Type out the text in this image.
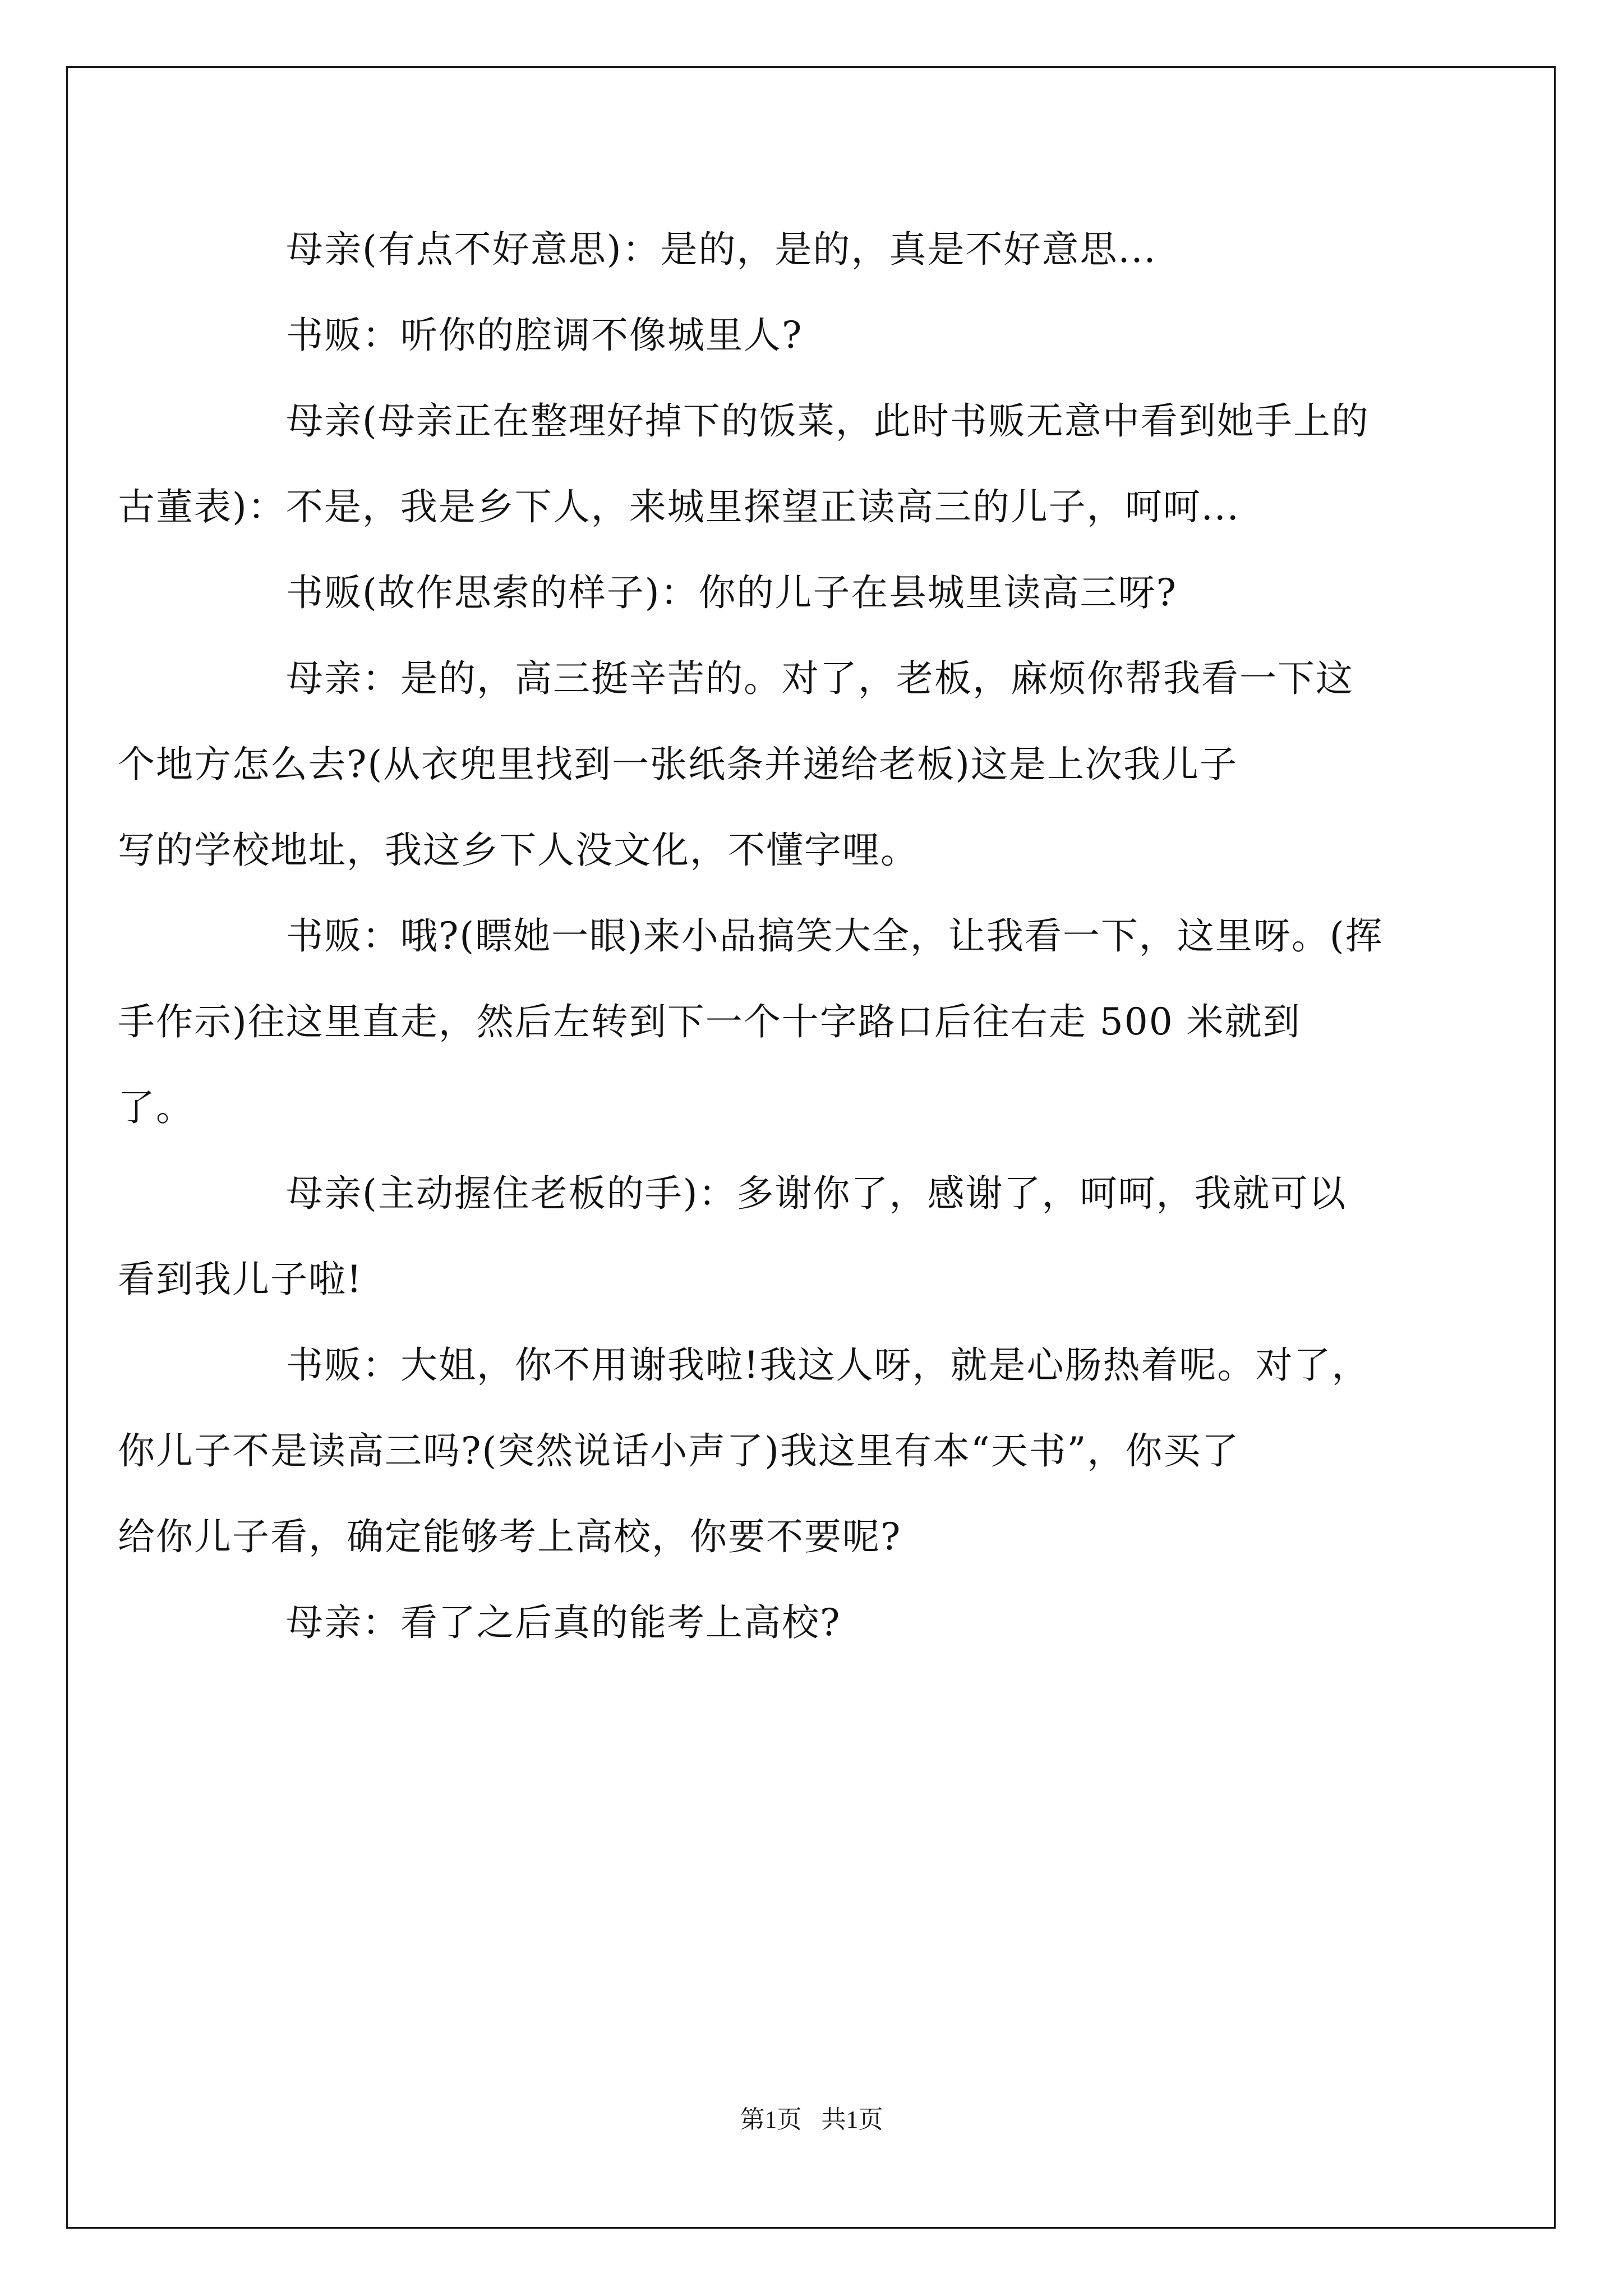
母亲(有点不好意思)：是的，是的，真是不好意思...

书贩：听你的腔调不像城里人?

母亲(母亲正在整理好掉下的饭菜，此时书贩无意中看到她手上的
古董表)：不是，我是乡下人，来城里探望正读高三的儿子，呵呵...

书贩(故作思索的样子)：你的儿子在县城里读高三呀?

母亲：是的，高三挺辛苦的。对了，老板，麻烦你帮我看一下这
个地方怎么去?(从衣兜里找到一张纸条并递给老板)这是上次我儿子
写的学校地址，我这乡下人没文化，不懂字哩。

书贩：哦?(瞟她一眼)来小品搞笑大全，让我看一下，这里呀。(挥
手作示)往这里直走，然后左转到下一个十字路口后往右走 500 米就到
了。

母亲(主动握住老板的手)：多谢你了，感谢了，呵呵，我就可以
看到我儿子啦!

书贩：大姐，你不用谢我啦!我这人呀，就是心肠热着呢。对了，
你儿子不是读高三吗?(突然说话小声了)我这里有本“天书”，你买了
给你儿子看，确定能够考上高校，你要不要呢?

母亲：看了之后真的能考上高校?

第1页 共1页
